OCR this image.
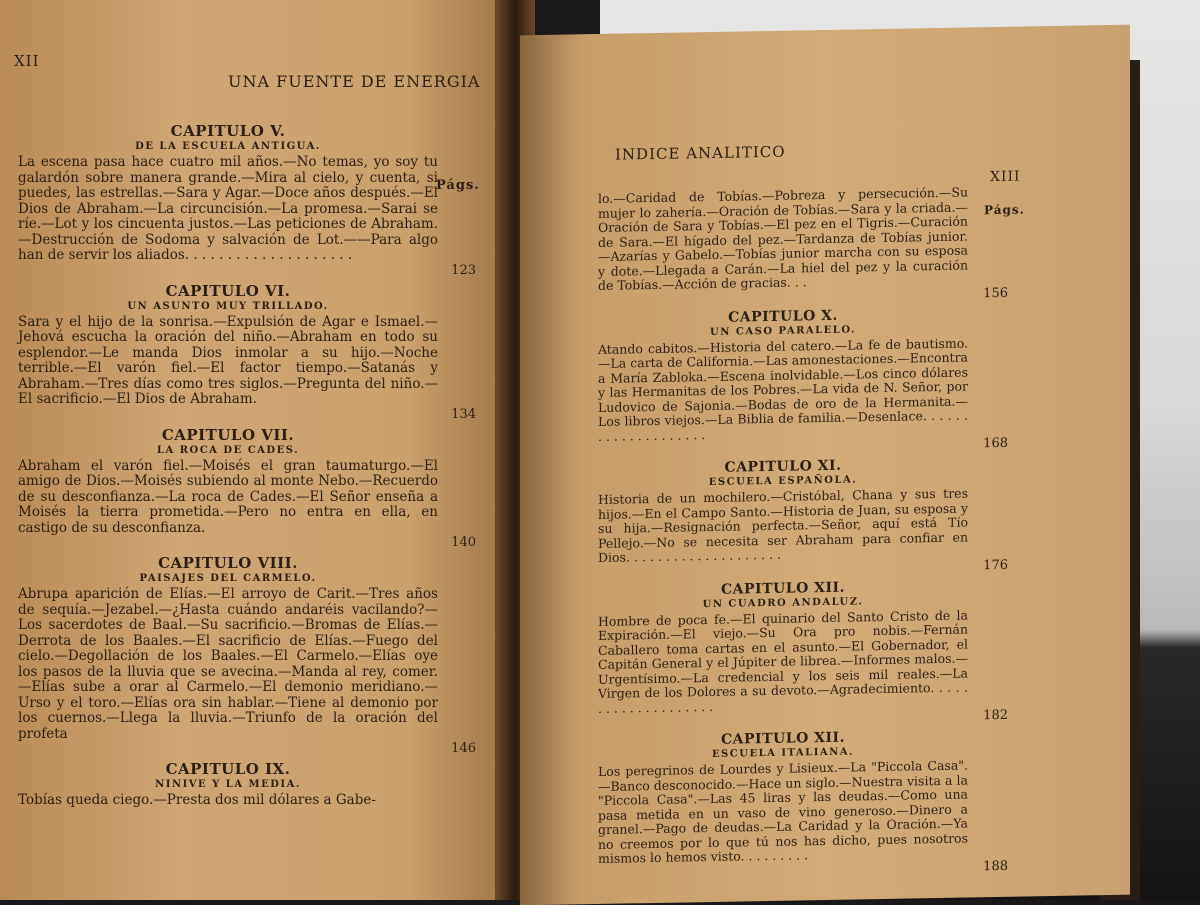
XII
UNA FUENTE DE ENERGIA
Págs.
CAPITULO V.
DE LA ESCUELA ANTIGUA.
La escena pasa hace cuatro mil años.—No temas, yo soy tu galardón sobre manera grande.—Mira al cielo, y cuenta, si puedes, las estrellas.—Sara y Agar.—Doce años después.—El Dios de Abraham.—La circuncisión.—La promesa.—Sarai se ríe.—Lot y los cincuenta justos.—Las peticiones de Abraham.—Destrucción de Sodoma y salvación de Lot.——Para algo han de servir los aliados. . . . . . . . . . . . . . . . . . . .
123
CAPITULO VI.
UN ASUNTO MUY TRILLADO.
Sara y el hijo de la sonrisa.—Expulsión de Agar e Ismael.—Jehová escucha la oración del niño.—Abraham en todo su esplendor.—Le manda Dios inmolar a su hijo.—Noche terrible.—El varón fiel.—El factor tiempo.—Satanás y Abraham.—Tres días como tres siglos.—Pregunta del niño.—El sacrificio.—El Dios de Abraham.
134
CAPITULO VII.
LA ROCA DE CADES.
Abraham el varón fiel.—Moisés el gran taumaturgo.—El amigo de Dios.—Moisés subiendo al monte Nebo.—Recuerdo de su desconfianza.—La roca de Cades.—El Señor enseña a Moisés la tierra prometida.—Pero no entra en ella, en castigo de su desconfianza.
140
CAPITULO VIII.
PAISAJES DEL CARMELO.
Abrupa aparición de Elías.—El arroyo de Carit.—Tres años de sequía.—Jezabel.—¿Hasta cuándo andaréis vacilando?—Los sacerdotes de Baal.—Su sacrificio.—Bromas de Elías.—Derrota de los Baales.—El sacrificio de Elías.—Fuego del cielo.—Degollación de los Baales.—El Carmelo.—Elías oye los pasos de la lluvia que se avecina.—Manda al rey, comer.—Elías sube a orar al Carmelo.—El demonio meridiano.—Urso y el toro.—Elías ora sin hablar.—Tiene al demonio por los cuernos.—Llega la lluvia.—Triunfo de la oración del profeta
146
CAPITULO IX.
NINIVE Y LA MEDIA.
Tobías queda ciego.—Presta dos mil dólares a Gabe-
INDICE ANALITICO
XIII
Págs.
lo.—Caridad de Tobías.—Pobreza y persecución.—Su mujer lo zahería.—Oración de Tobías.—Sara y la criada.—Oración de Sara y Tobías.—El pez en el Tigris.—Curación de Sara.—El hígado del pez.—Tardanza de Tobías junior.—Azarías y Gabelo.—Tobías junior marcha con su esposa y dote.—Llegada a Carán.—La hiel del pez y la curación de Tobías.—Acción de gracias. . .
156
CAPITULO X.
UN CASO PARALELO.
Atando cabitos.—Historia del catero.—La fe de bautismo.—La carta de California.—Las amonestaciones.—Encontra a María Zabloka.—Escena inolvidable.—Los cinco dólares y las Hermanitas de los Pobres.—La vida de N. Señor, por Ludovico de Sajonia.—Bodas de oro de la Hermanita.—Los libros viejos.—La Biblia de familia.—Desenlace. . . . . . . . . . . . . . . . . . . .
168
CAPITULO XI.
ESCUELA ESPAÑOLA.
Historia de un mochilero.—Cristóbal, Chana y sus tres hijos.—En el Campo Santo.—Historia de Juan, su esposa y su hija.—Resignación perfecta.—Señor, aquí está Tío Pellejo.—No se necesita ser Abraham para confiar en Dios. . . . . . . . . . . . . . . . . . . .
176
CAPITULO XII.
UN CUADRO ANDALUZ.
Hombre de poca fe.—El quinario del Santo Cristo de la Expiración.—El viejo.—Su Ora pro nobis.—Fernán Caballero toma cartas en el asunto.—El Gobernador, el Capitán General y el Júpiter de librea.—Informes malos.—Urgentísimo.—La credencial y los seis mil reales.—La Virgen de los Dolores a su devoto.—Agradecimiento. . . . . . . . . . . . . . . . . . . .
182
CAPITULO XII.
ESCUELA ITALIANA.
Los peregrinos de Lourdes y Lisieux.—La "Piccola Casa".—Banco desconocido.—Hace un siglo.—Nuestra visita a la "Piccola Casa".—Las 45 liras y las deudas.—Como una pasa metida en un vaso de vino generoso.—Dinero a granel.—Pago de deudas.—La Caridad y la Oración.—Ya no creemos por lo que tú nos has dicho, pues nosotros mismos lo hemos visto. . . . . . . . .
188
